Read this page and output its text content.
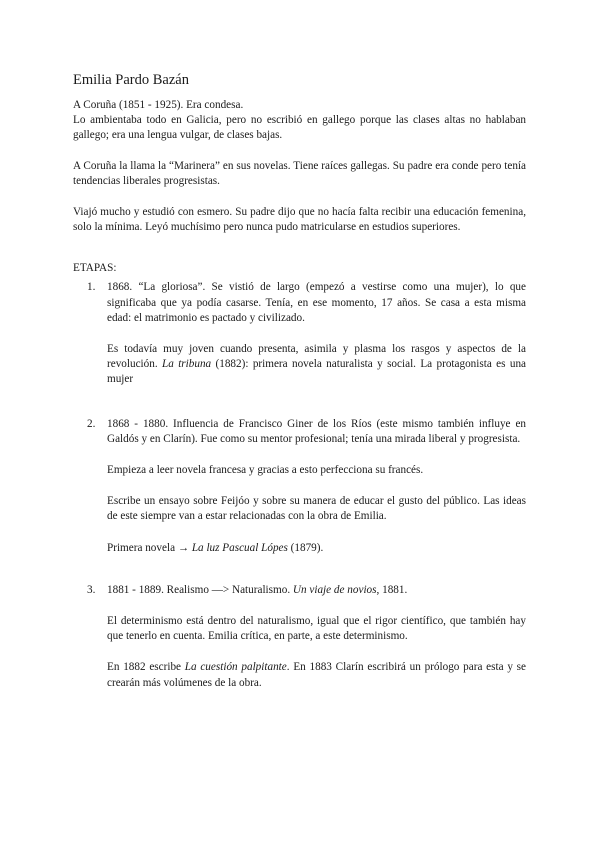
Emilia Pardo Bazán

A Coruña (1851 - 1925). Era condesa.

Lo ambientaba todo en Galicia, pero no escribió en gallego porque las clases altas no hablaban gallego; era una lengua vulgar, de clases bajas.

A Coruña la llama la “Marinera” en sus novelas. Tiene raíces gallegas. Su padre era conde pero tenía tendencias liberales progresistas.

Viajó mucho y estudió con esmero. Su padre dijo que no hacía falta recibir una educación femenina, solo la mínima. Leyó muchísimo pero nunca pudo matricularse en estudios superiores.

ETAPAS:
1. 1868. “La gloriosa”. Se vistió de largo (empezó a vestirse como una mujer), lo que significaba que ya podía casarse. Tenía, en ese momento, 17 años. Se casa a esta misma edad: el matrimonio es pactado y civilizado.

Es todavía muy joven cuando presenta, asimila y plasma los rasgos y aspectos de la revolución. La tribuna (1882): primera novela naturalista y social. La protagonista es una mujer

2. 1868 - 1880. Influencia de Francisco Giner de los Ríos (este mismo también influye en Galdós y en Clarín). Fue como su mentor profesional; tenía una mirada liberal y progresista.

Empieza a leer novela francesa y gracias a esto perfecciona su francés.

Escribe un ensayo sobre Feijóo y sobre su manera de educar el gusto del público. Las ideas de este siempre van a estar relacionadas con la obra de Emilia.

Primera novela → La luz Pascual Lópes (1879).

3. 1881 - 1889. Realismo —> Naturalismo. Un viaje de novios, 1881.

El determinismo está dentro del naturalismo, igual que el rigor científico, que también hay que tenerlo en cuenta. Emilia crítica, en parte, a este determinismo.

En 1882 escribe La cuestión palpitante. En 1883 Clarín escribirá un prólogo para esta y se crearán más volúmenes de la obra.
